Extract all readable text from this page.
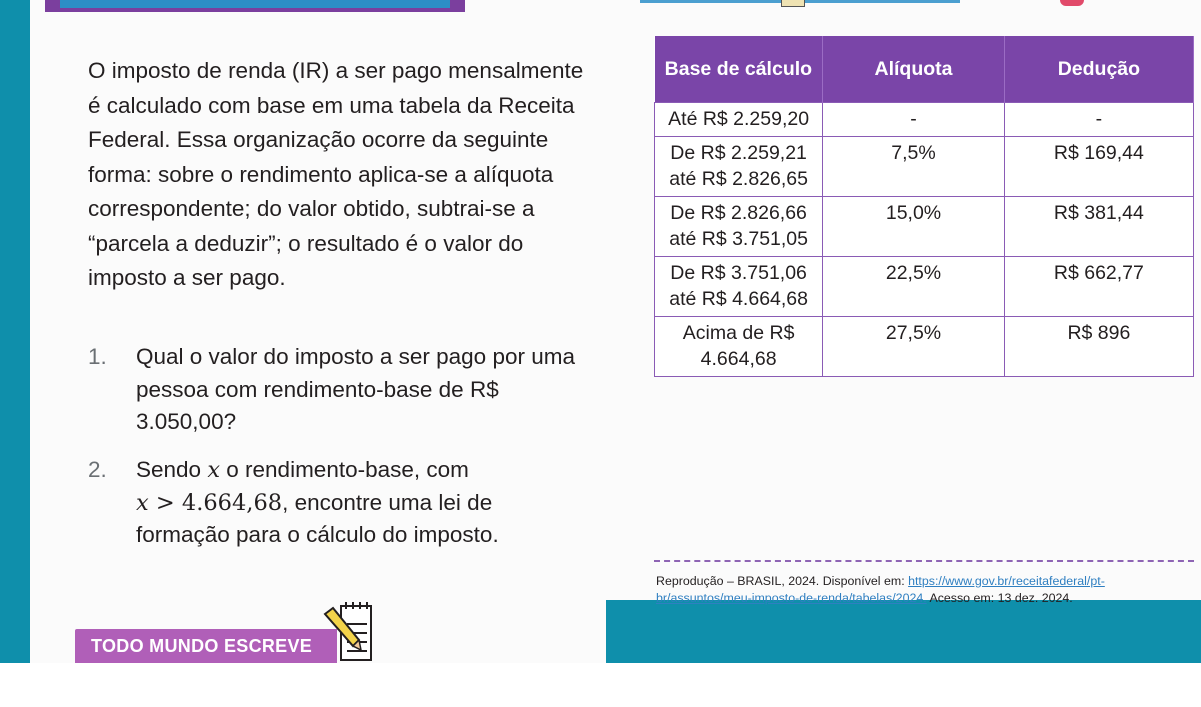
O imposto de renda (IR) a ser pago mensalmente é calculado com base em uma tabela da Receita Federal. Essa organização ocorre da seguinte forma: sobre o rendimento aplica-se a alíquota correspondente; do valor obtido, subtrai-se a “parcela a deduzir”; o resultado é o valor do imposto a ser pago.

1.	Qual o valor do imposto a ser pago por uma pessoa com rendimento-base de R$ 3.050,00?
2.	Sendo x o rendimento-base, com
x > 4.664,68, encontre uma lei de formação para o cálculo do imposto.
Base de cálculo	Alíquota	Dedução
Até R$ 2.259,20	-	-
De R$ 2.259,21 até R$ 2.826,65	7,5%	R$ 169,44
De R$ 2.826,66 até R$ 3.751,05	15,0%	R$ 381,44
De R$ 3.751,06 até R$ 4.664,68	22,5%	R$ 662,77
Acima de R$ 4.664,68	27,5%	R$ 896

Reprodução – BRASIL, 2024. Disponível em: https://www.gov.br/receitafederal/pt-br/assuntos/meu-imposto-de-renda/tabelas/2024. Acesso em: 13 dez. 2024.

TODO MUNDO ESCREVE
